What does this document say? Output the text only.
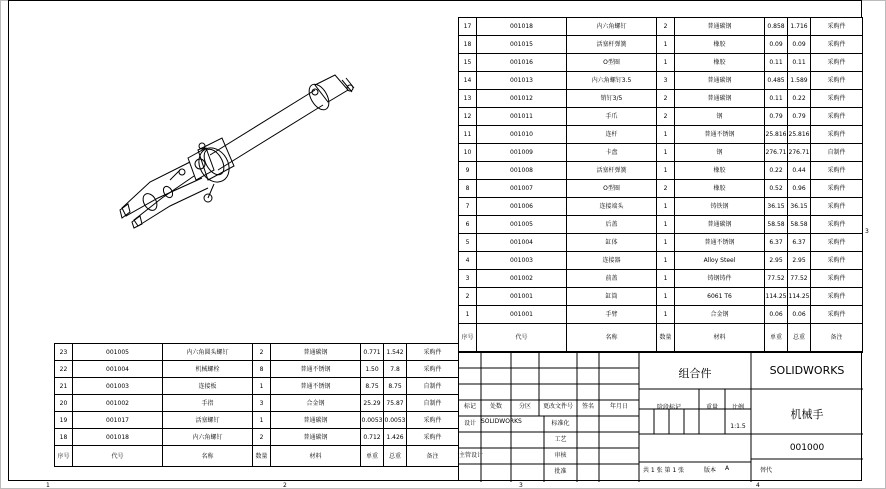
17	001018	内六角螺钉	2	普通碳钢	0.858	1.716	采购件
18	001015	活塞杆弹簧	1	橡胶	0.09	0.09	采购件
15	001016	O型圈	1	橡胶	0.11	0.11	采购件
14	001013	内六角螺钉3.5	3	普通碳钢	0.485	1.589	采购件
13	001012	销钉3/5	2	普通碳钢	0.11	0.22	采购件
12	001011	手爪	2	钢	0.79	0.79	采购件
11	001010	连杆	1	普通不锈钢	25.816	25.816	采购件
10	001009	卡盘	1	钢	276.71	276.71	自制件
9	001008	活塞杆弹簧	1	橡胶	0.22	0.44	采购件
8	001007	O型圈	2	橡胶	0.52	0.96	采购件
7	001006	连接端头	1	铸铁钢	36.15	36.15	采购件
6	001005	后盖	1	普通碳钢	58.58	58.58	采购件
5	001004	缸体	1	普通不锈钢	6.37	6.37	采购件
4	001003	连接器	1	Alloy Steel	2.95	2.95	采购件
3	001002	前盖	1	铸钢铸件	77.52	77.52	采购件
2	001001	缸筒	1	6061 T6	114.25	114.25	采购件
1	001001	手臂	1	合金钢	0.06	0.06	采购件
序号	代号	名称	数量	材料	单重	总重	备注
23	001005	内六角圆头螺钉	2	普通碳钢	0.771	1.542	采购件
22	001004	机械螺栓	8	普通不锈钢	1.50	7.8	采购件
21	001003	连接板	1	普通不锈钢	8.75	8.75	自制件
20	001002	手指	3	合金钢	25.29	75.87	自制件
19	001017	活塞螺钉	1	普通碳钢	0.0053	0.0053	采购件
18	001018	内六角螺钉	2	普通碳钢	0.712	1.426	采购件
序号	代号	名称	数量	材料	单重	总重	备注
标记	处数	分区	更改文件号	签名	年月日
设计 SOLIDWORKS	标准化
工艺
主管设计	审核
批准
组合件
阶段标记	重量	比例
1:1.5
共 1 张 第 1 张
SOLIDWORKS
机械手
001000
版本	A	替代
1	2	3	4
3
